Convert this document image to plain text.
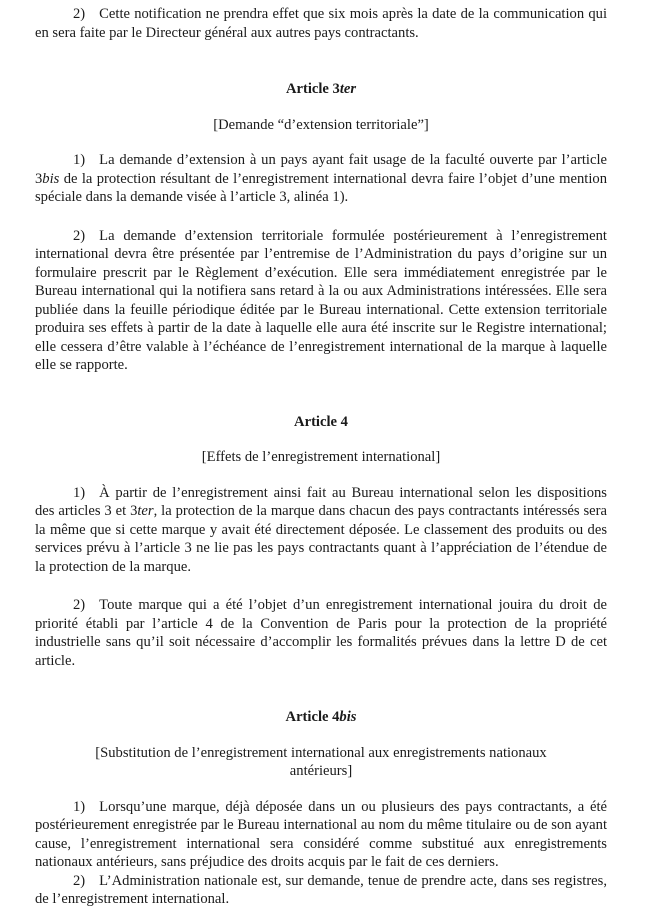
2) Cette notification ne prendra effet que six mois après la date de la communication qui en sera faite par le Directeur général aux autres pays contractants.

Article 3ter
[Demande “d’extension territoriale”]

1) La demande d’extension à un pays ayant fait usage de la faculté ouverte par l’article 3bis de la protection résultant de l’enregistrement international devra faire l’objet d’une mention spéciale dans la demande visée à l’article 3, alinéa 1).

2) La demande d’extension territoriale formulée postérieurement à l’enregistrement international devra être présentée par l’entremise de l’Administration du pays d’origine sur un formulaire prescrit par le Règlement d’exécution. Elle sera immédiatement enregistrée par le Bureau international qui la notifiera sans retard à la ou aux Administrations intéressées. Elle sera publiée dans la feuille périodique éditée par le Bureau international. Cette extension territoriale produira ses effets à partir de la date à laquelle elle aura été inscrite sur le Registre international; elle cessera d’être valable à l’échéance de l’enregistrement international de la marque à laquelle elle se rapporte.

Article 4
[Effets de l’enregistrement international]

1) À partir de l’enregistrement ainsi fait au Bureau international selon les dispositions des articles 3 et 3ter, la protection de la marque dans chacun des pays contractants intéressés sera la même que si cette marque y avait été directement déposée. Le classement des produits ou des services prévu à l’article 3 ne lie pas les pays contractants quant à l’appréciation de l’étendue de la protection de la marque.

2) Toute marque qui a été l’objet d’un enregistrement international jouira du droit de priorité établi par l’article 4 de la Convention de Paris pour la protection de la propriété industrielle sans qu’il soit nécessaire d’accomplir les formalités prévues dans la lettre D de cet article.

Article 4bis
[Substitution de l’enregistrement international aux enregistrements nationaux antérieurs]

1) Lorsqu’une marque, déjà déposée dans un ou plusieurs des pays contractants, a été postérieurement enregistrée par le Bureau international au nom du même titulaire ou de son ayant cause, l’enregistrement international sera considéré comme substitué aux enregistrements nationaux antérieurs, sans préjudice des droits acquis par le fait de ces derniers.

2) L’Administration nationale est, sur demande, tenue de prendre acte, dans ses registres, de l’enregistrement international.
